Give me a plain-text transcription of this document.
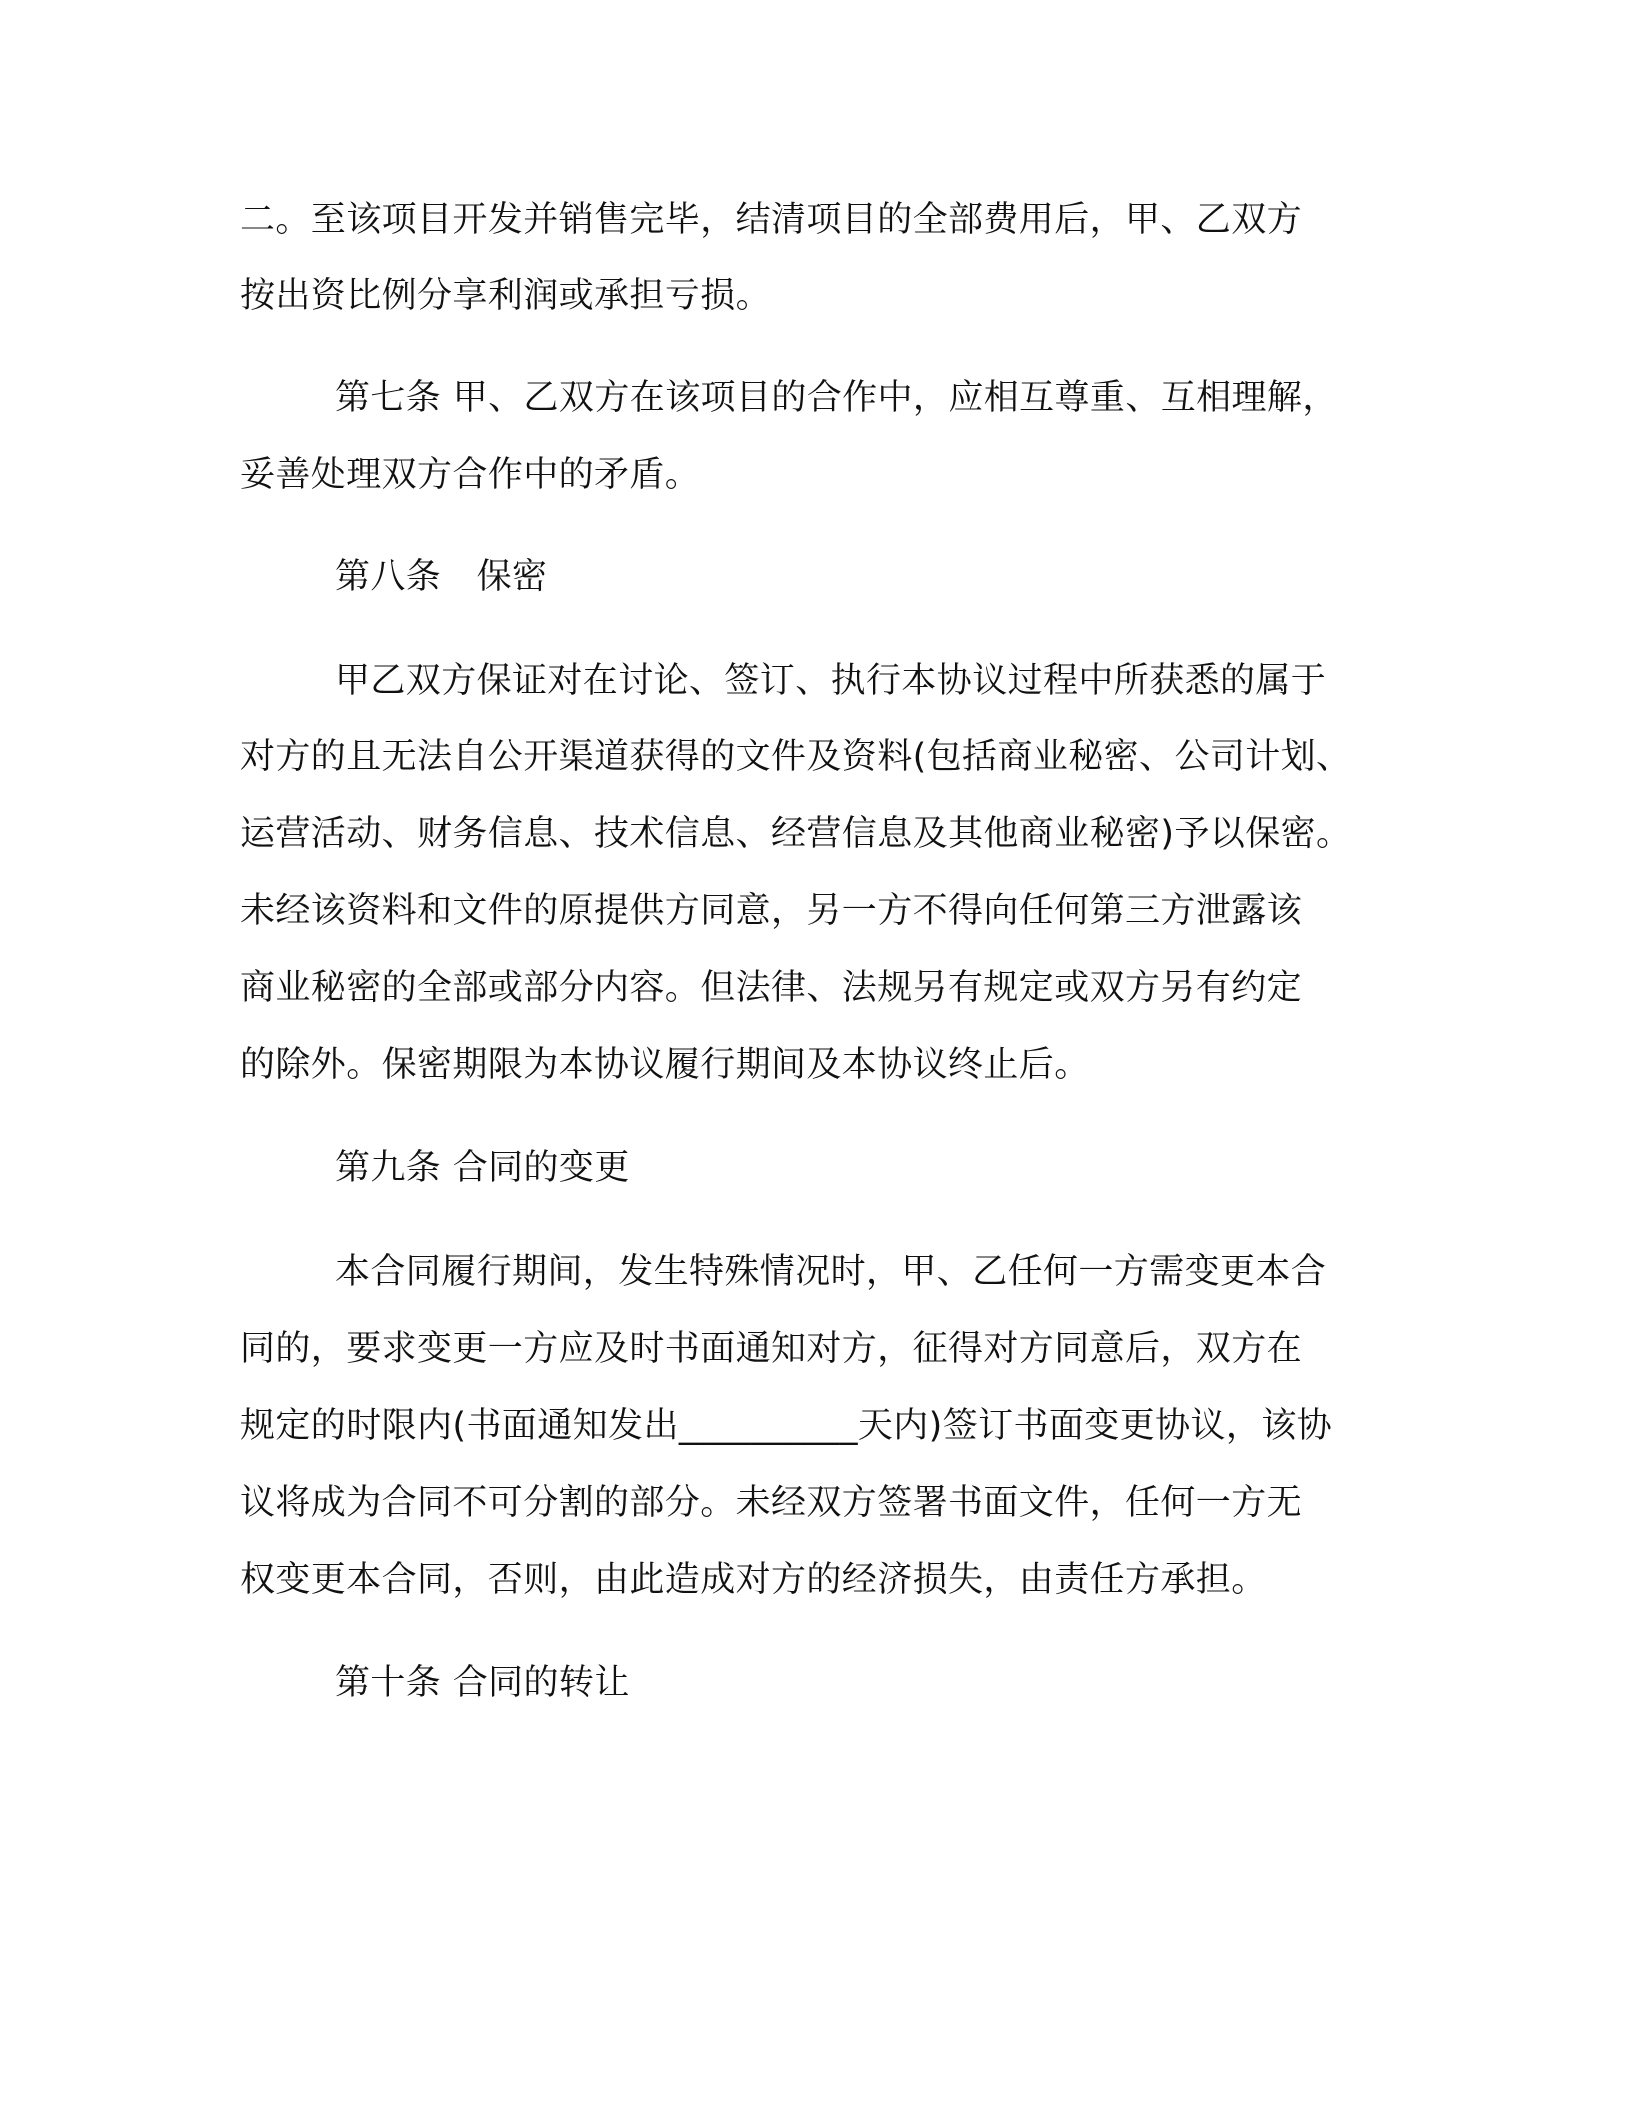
二。至该项目开发并销售完毕，结清项目的全部费用后，甲、乙双方
按出资比例分享利润或承担亏损。
第七条 甲、乙双方在该项目的合作中，应相互尊重、互相理解，
妥善处理双方合作中的矛盾。
第八条　保密
甲乙双方保证对在讨论、签订、执行本协议过程中所获悉的属于
对方的且无法自公开渠道获得的文件及资料(包括商业秘密、公司计划、
运营活动、财务信息、技术信息、经营信息及其他商业秘密)予以保密。
未经该资料和文件的原提供方同意，另一方不得向任何第三方泄露该
商业秘密的全部或部分内容。但法律、法规另有规定或双方另有约定
的除外。保密期限为本协议履行期间及本协议终止后。
第九条 合同的变更
本合同履行期间，发生特殊情况时，甲、乙任何一方需变更本合
同的，要求变更一方应及时书面通知对方，征得对方同意后，双方在
规定的时限内(书面通知发出__________天内)签订书面变更协议，该协
议将成为合同不可分割的部分。未经双方签署书面文件，任何一方无
权变更本合同，否则，由此造成对方的经济损失，由责任方承担。
第十条 合同的转让
